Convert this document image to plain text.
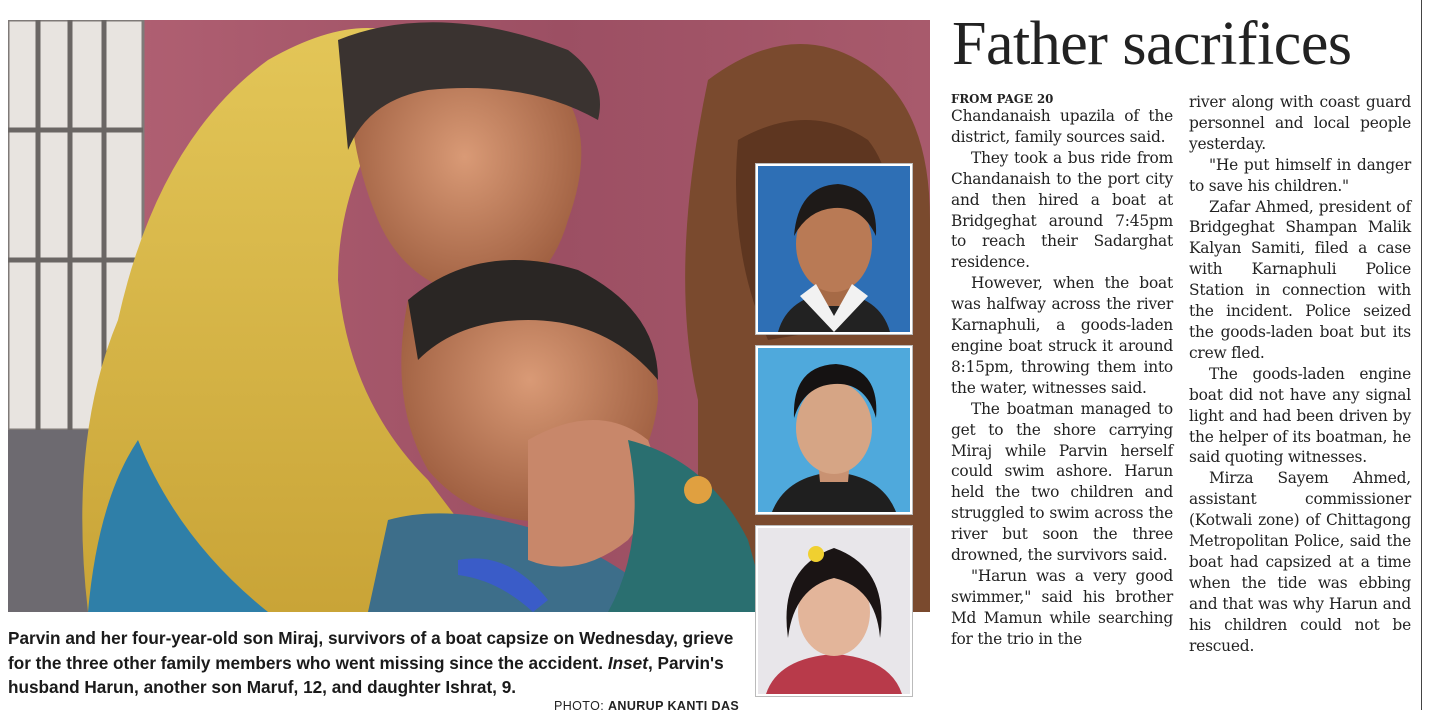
Parvin and her four-year-old son Miraj, survivors of a boat capsize on Wednesday, grieve for the three other family members who went missing since the accident. Inset, Parvin's husband Harun, another son Maruf, 12, and daughter Ishrat, 9.
PHOTO: ANURUP KANTI DAS
Father sacrifices
FROM PAGE 20

Chandanaish upazila of the district, family sources said.

They took a bus ride from Chandanaish to the port city and then hired a boat at Bridgeghat around 7:45pm to reach their Sadarghat residence.

However, when the boat was halfway across the river Karnaphuli, a goods-laden engine boat struck it around 8:15pm, throwing them into the water, witnesses said.

The boatman managed to get to the shore carrying Miraj while Parvin herself could swim ashore. Harun held the two children and struggled to swim across the river but soon the three drowned, the survivors said.

"Harun was a very good swimmer," said his brother Md Mamun while searching for the trio in the

river along with coast guard personnel and local people yesterday.

"He put himself in danger to save his children."

Zafar Ahmed, president of Bridgeghat Shampan Malik Kalyan Samiti, filed a case with Karnaphuli Police Station in connection with the incident. Police seized the goods-laden boat but its crew fled.

The goods-laden engine boat did not have any signal light and had been driven by the helper of its boatman, he said quoting witnesses.

Mirza Sayem Ahmed, assistant commissioner (Kotwali zone) of Chittagong Metropolitan Police, said the boat had capsized at a time when the tide was ebbing and that was why Harun and his children could not be rescued.
